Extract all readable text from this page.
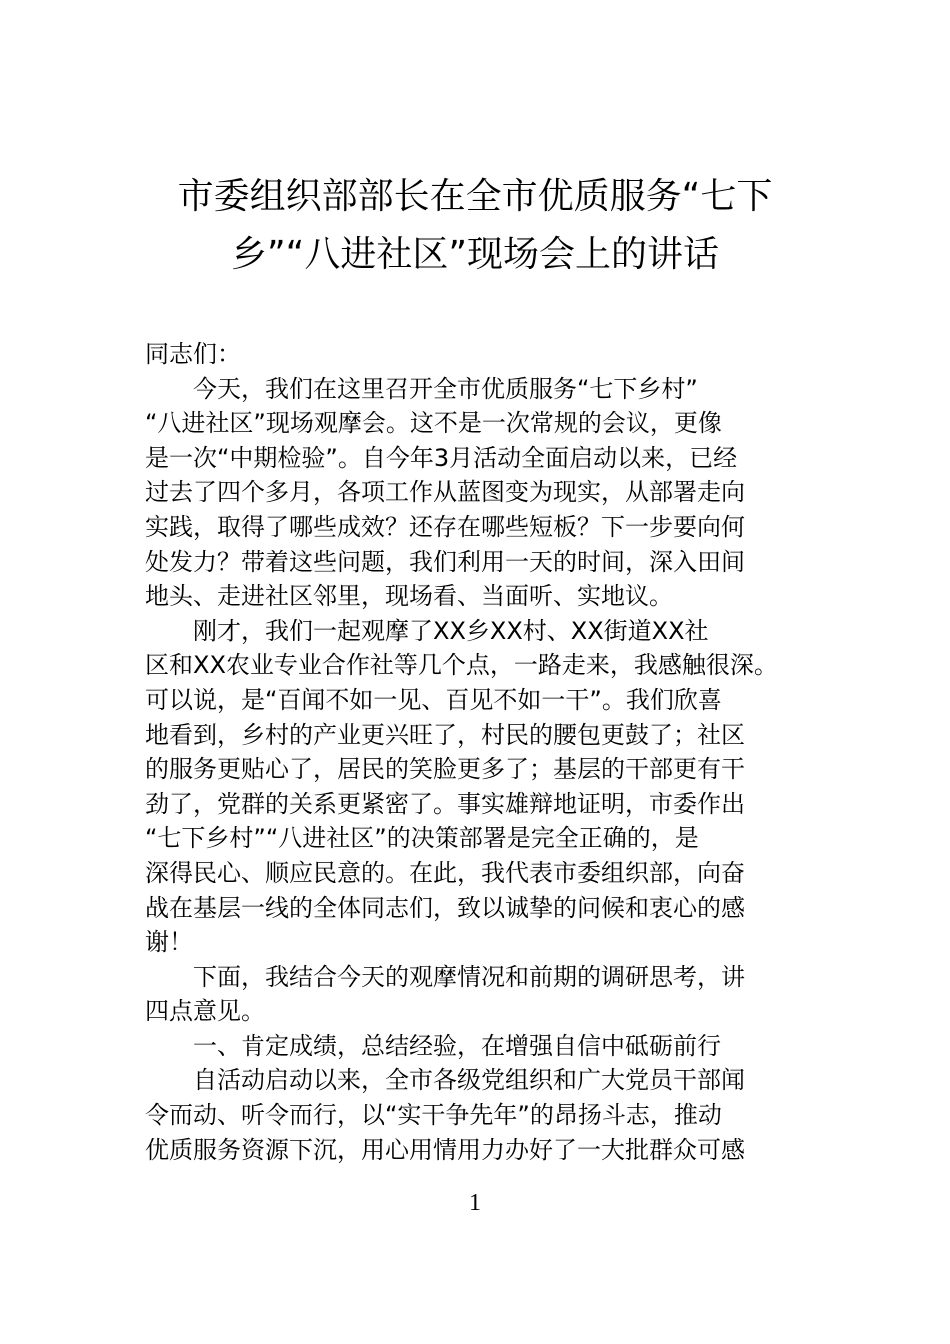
市委组织部部长在全市优质服务“七下
乡”“八进社区”现场会上的讲话
同志们：
今天，我们在这里召开全市优质服务“七下乡村”
“八进社区”现场观摩会。这不是一次常规的会议，更像
是一次“中期检验”。自今年3月活动全面启动以来，已经
过去了四个多月，各项工作从蓝图变为现实，从部署走向
实践，取得了哪些成效？还存在哪些短板？下一步要向何
处发力？带着这些问题，我们利用一天的时间，深入田间
地头、走进社区邻里，现场看、当面听、实地议。
刚才，我们一起观摩了XX乡XX村、XX街道XX社
区和XX农业专业合作社等几个点，一路走来，我感触很深。
可以说，是“百闻不如一见、百见不如一干”。我们欣喜
地看到，乡村的产业更兴旺了，村民的腰包更鼓了；社区
的服务更贴心了，居民的笑脸更多了；基层的干部更有干
劲了，党群的关系更紧密了。事实雄辩地证明，市委作出
“七下乡村”“八进社区”的决策部署是完全正确的，是
深得民心、顺应民意的。在此，我代表市委组织部，向奋
战在基层一线的全体同志们，致以诚挚的问候和衷心的感
谢！
下面，我结合今天的观摩情况和前期的调研思考，讲
四点意见。
一、肯定成绩，总结经验，在增强自信中砥砺前行
自活动启动以来，全市各级党组织和广大党员干部闻
令而动、听令而行，以“实干争先年”的昂扬斗志，推动
优质服务资源下沉，用心用情用力办好了一大批群众可感
1
